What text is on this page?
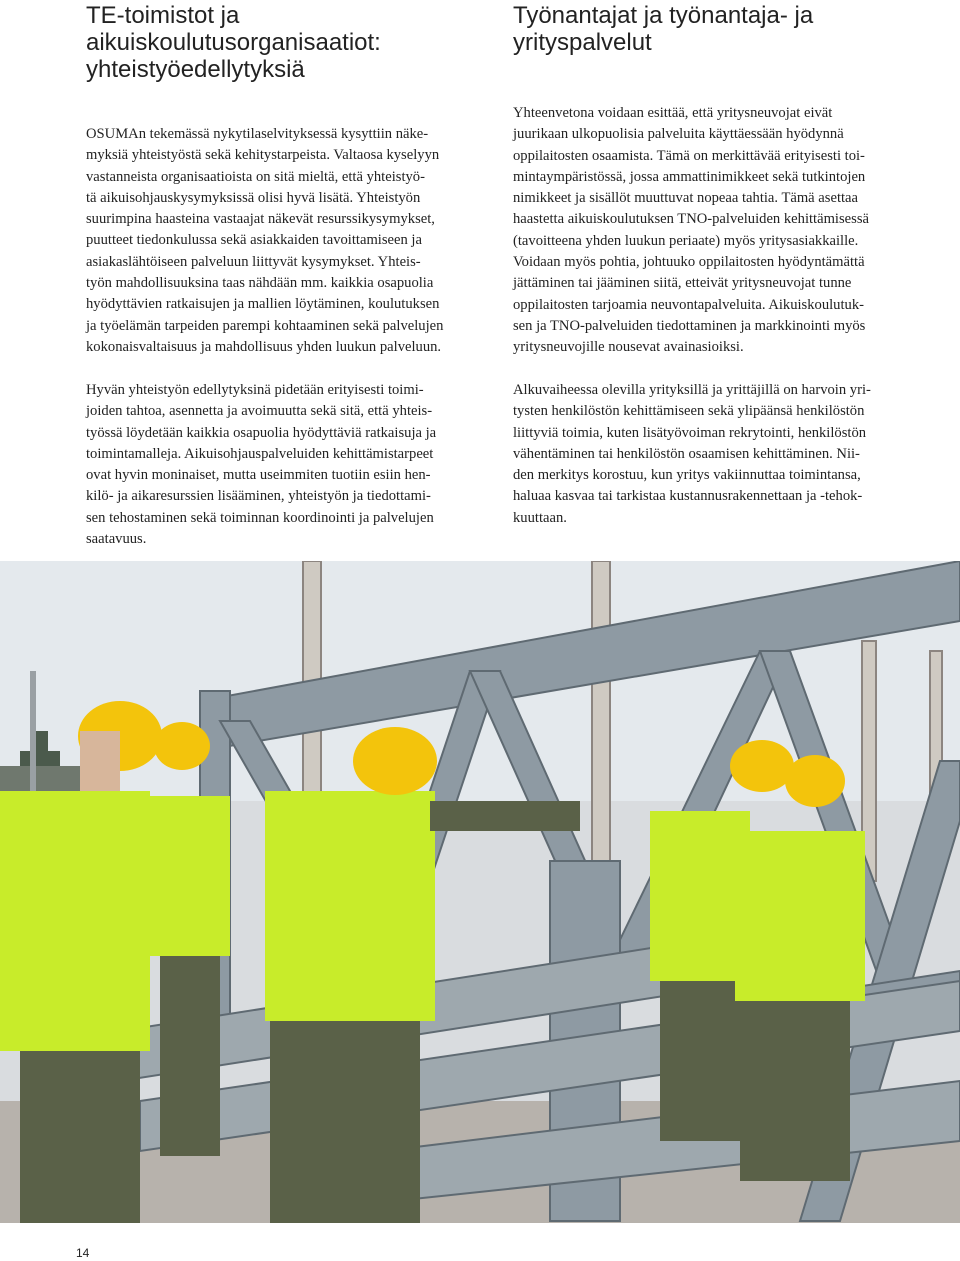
TE-toimistot ja
aikuiskoulutusorganisaatiot:
yhteistyöedellytyksiä

OSUMAn tekemässä nykytilaselvityksessä kysyttiin näke-
myksiä yhteistyöstä sekä kehitystarpeista. Valtaosa kyselyyn
vastanneista organisaatioista on sitä mieltä, että yhteistyö-
tä aikuisohjauskysymyksissä olisi hyvä lisätä. Yhteistyön
suurimpina haasteina vastaajat näkevät resurssikysymykset,
puutteet tiedonkulussa sekä asiakkaiden tavoittamiseen ja
asiakaslähtöiseen palveluun liittyvät kysymykset. Yhteis-
työn mahdollisuuksina taas nähdään mm. kaikkia osapuolia
hyödyttävien ratkaisujen ja mallien löytäminen, koulutuksen
ja työelämän tarpeiden parempi kohtaaminen sekä palvelujen
kokonaisvaltaisuus ja mahdollisuus yhden luukun palveluun.

Hyvän yhteistyön edellytyksinä pidetään erityisesti toimi-
joiden tahtoa, asennetta ja avoimuutta sekä sitä, että yhteis-
työssä löydetään kaikkia osapuolia hyödyttäviä ratkaisuja ja
toimintamalleja. Aikuisohjauspalveluiden kehittämistarpeet
ovat hyvin moninaiset, mutta useimmiten tuotiin esiin hen-
kilö- ja aikaresurssien lisääminen, yhteistyön ja tiedottami-
sen tehostaminen sekä toiminnan koordinointi ja palvelujen
saatavuus.

Työnantajat ja työnantaja- ja
yrityspalvelut

Yhteenvetona voidaan esittää, että yritysneuvojat eivät
juurikaan ulkopuolisia palveluita käyttäessään hyödynnä
oppilaitosten osaamista. Tämä on merkittävää erityisesti toi-
mintaympäristössä, jossa ammattinimikkeet sekä tutkintojen
nimikkeet ja sisällöt muuttuvat nopeaa tahtia. Tämä asettaa
haastetta aikuiskoulutuksen TNO-palveluiden kehittämisessä
(tavoitteena yhden luukun periaate) myös yritysasiakkaille.
Voidaan myös pohtia, johtuuko oppilaitosten hyödyntämättä
jättäminen tai jääminen siitä, etteivät yritysneuvojat tunne
oppilaitosten tarjoamia neuvontapalveluita. Aikuiskoulutuk-
sen ja TNO-palveluiden tiedottaminen ja markkinointi myös
yritysneuvojille nousevat avainasioiksi.

Alkuvaiheessa olevilla yrityksillä ja yrittäjillä on harvoin yri-
tysten henkilöstön kehittämiseen sekä ylipäänsä henkilöstön
liittyviä toimia, kuten lisätyövoiman rekrytointi, henkilöstön
vähentäminen tai henkilöstön osaamisen kehittäminen. Nii-
den merkitys korostuu, kun yritys vakiinnuttaa toimintansa,
haluaa kasvaa tai tarkistaa kustannusrakennettaan ja -tehok-
kuuttaan.

14
